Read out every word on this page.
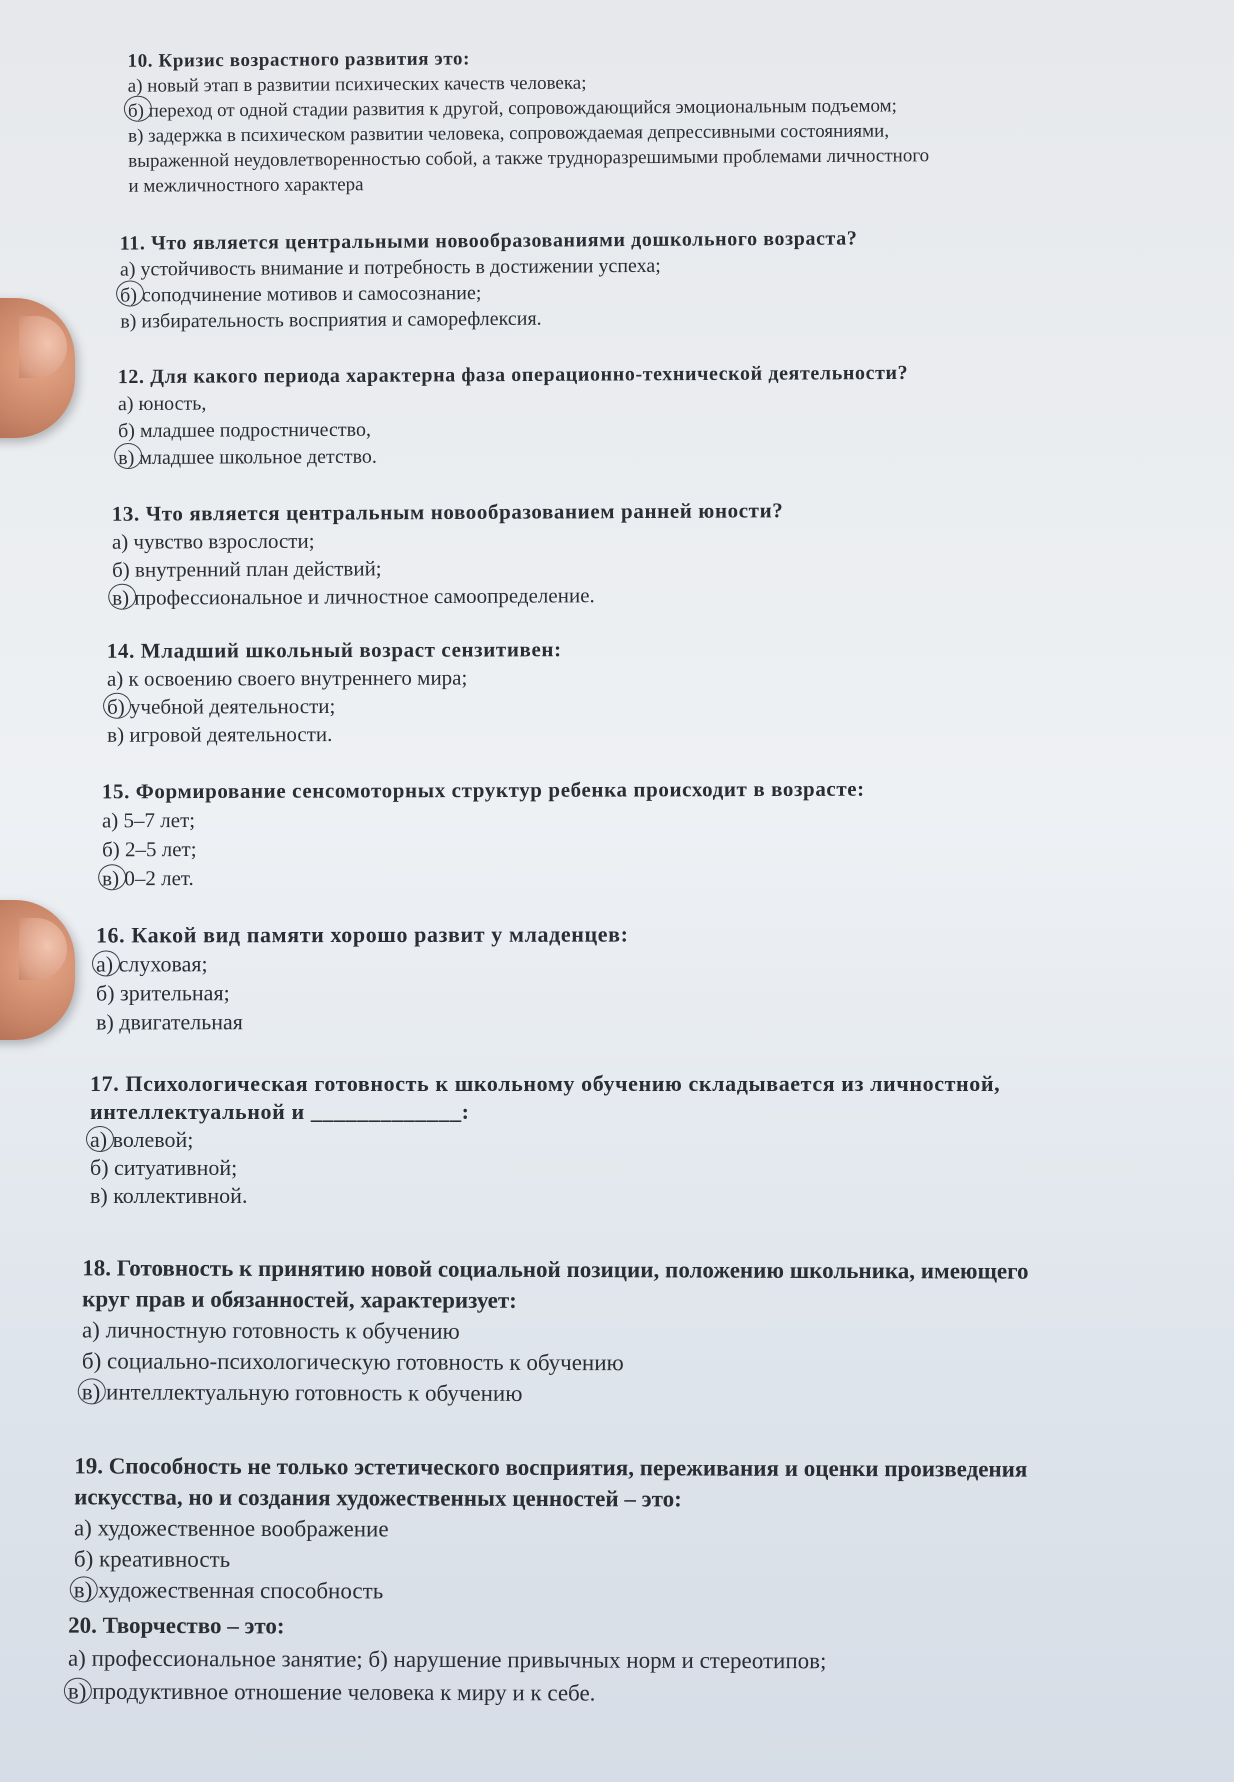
10. Кризис возрастного развития это:
а) новый этап в развитии психических качеств человека;
б) переход от одной стадии развития к другой, сопровождающийся эмоциональным подъемом;
в) задержка в психическом развитии человека, сопровождаемая депрессивными состояниями,
выраженной неудовлетворенностью собой, а также трудноразрешимыми проблемами личностного
и межличностного характера
11. Что является центральными новообразованиями дошкольного возраста?
а) устойчивость внимание и потребность в достижении успеха;
б) соподчинение мотивов и самосознание;
в) избирательность восприятия и саморефлексия.
12. Для какого периода характерна фаза операционно-технической деятельности?
а) юность,
б) младшее подростничество,
в) младшее школьное детство.
13. Что является центральным новообразованием ранней юности?
а) чувство взрослости;
б) внутренний план действий;
в) профессиональное и личностное самоопределение.
14. Младший школьный возраст сензитивен:
а) к освоению своего внутреннего мира;
б) учебной деятельности;
в) игровой деятельности.
15. Формирование сенсомоторных структур ребенка происходит в возрасте:
а) 5–7 лет;
б) 2–5 лет;
в) 0–2 лет.
16. Какой вид памяти хорошо развит у младенцев:
а) слуховая;
б) зрительная;
в) двигательная
17. Психологическая готовность к школьному обучению складывается из личностной,
интеллектуальной и _____________:
а) волевой;
б) ситуативной;
в) коллективной.
18. Готовность к принятию новой социальной позиции, положению школьника, имеющего
круг прав и обязанностей, характеризует:
а) личностную готовность к обучению
б) социально-психологическую готовность к обучению
в) интеллектуальную готовность к обучению
19. Способность не только эстетического восприятия, переживания и оценки произведения
искусства, но и создания художественных ценностей – это:
а) художественное воображение
б) креативность
в) художественная способность
20. Творчество – это:
а) профессиональное занятие; б) нарушение привычных норм и стереотипов;
в) продуктивное отношение человека к миру и к себе.
